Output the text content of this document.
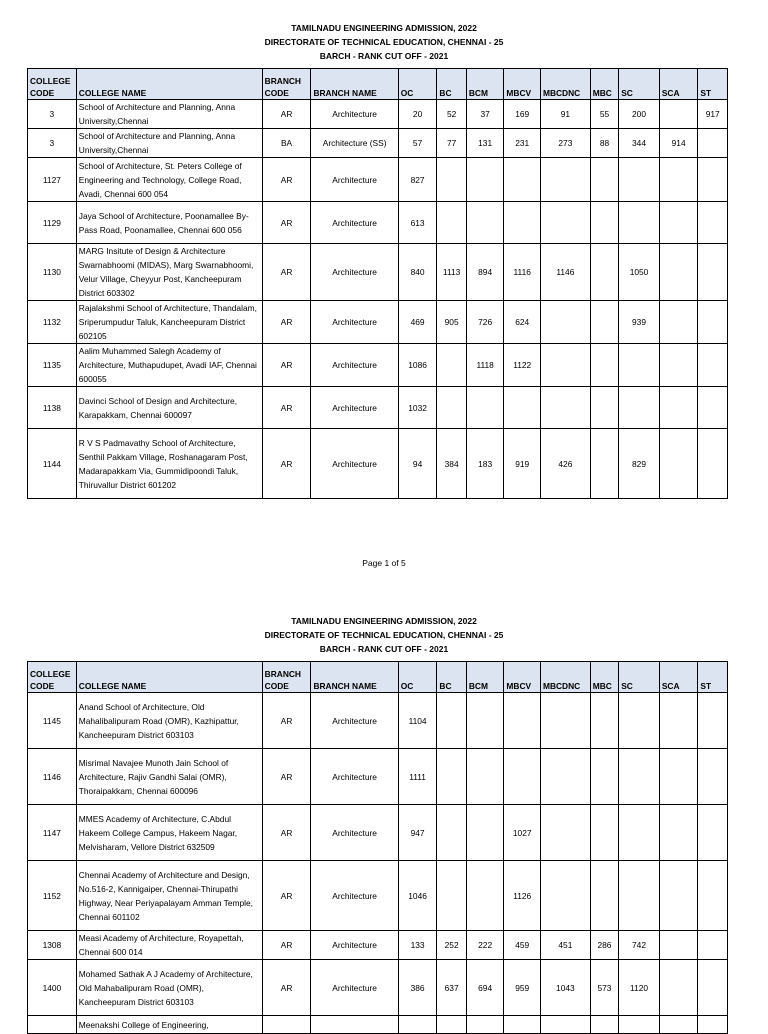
TAMILNADU ENGINEERING ADMISSION, 2022
DIRECTORATE OF TECHNICAL EDUCATION, CHENNAI - 25
BARCH - RANK CUT OFF - 2021
COLLEGE CODE	COLLEGE NAME	BRANCH CODE	BRANCH NAME	OC	BC	BCM	MBCV	MBCDNC	MBC	SC	SCA	ST
3	School of Architecture and Planning, Anna University,Chennai	AR	Architecture	20	52	37	169	91	55	200		917
3	School of Architecture and Planning, Anna University,Chennai	BA	Architecture (SS)	57	77	131	231	273	88	344	914	
1127	School of Architecture, St. Peters College of Engineering and Technology, College Road, Avadi, Chennai 600 054	AR	Architecture	827								
1129	Jaya School of Architecture, Poonamallee By-Pass Road, Poonamallee, Chennai 600 056	AR	Architecture	613								
1130	MARG Insitute of Design & Architecture Swarnabhoomi (MIDAS), Marg Swarnabhoomi, Velur Village, Cheyyur Post, Kancheepuram District 603302	AR	Architecture	840	1113	894	1116	1146		1050		
1132	Rajalakshmi School of Architecture, Thandalam, Sriperumpudur Taluk, Kancheepuram District 602105	AR	Architecture	469	905	726	624			939		
1135	Aalim Muhammed Salegh Academy of Architecture, Muthapudupet, Avadi IAF, Chennai 600055	AR	Architecture	1086		1118	1122					
1138	Davinci School of Design and Architecture, Karapakkam, Chennai 600097	AR	Architecture	1032								
1144	R V S Padmavathy School of Architecture, Senthil Pakkam Village, Roshanagaram Post, Madarapakkam Via, Gummidipoondi Taluk, Thiruvallur District 601202	AR	Architecture	94	384	183	919	426		829		
Page 1 of 5
TAMILNADU ENGINEERING ADMISSION, 2022
DIRECTORATE OF TECHNICAL EDUCATION, CHENNAI - 25
BARCH - RANK CUT OFF - 2021
COLLEGE CODE	COLLEGE NAME	BRANCH CODE	BRANCH NAME	OC	BC	BCM	MBCV	MBCDNC	MBC	SC	SCA	ST
1145	Anand School of Architecture, Old Mahalibalipuram Road (OMR), Kazhipattur, Kancheepuram District 603103	AR	Architecture	1104								
1146	Misrimal Navajee Munoth Jain School of Architecture, Rajiv Gandhi Salai (OMR), Thoraipakkam, Chennai 600096	AR	Architecture	1111								
1147	MMES Academy of Architecture, C.Abdul Hakeem College Campus, Hakeem Nagar, Melvisharam, Vellore District 632509	AR	Architecture	947			1027					
1152	Chennai Academy of Architecture and Design, No.516-2, Kannigaiper, Chennai-Thirupathi Highway, Near Periyapalayam Amman Temple, Chennai 601102	AR	Architecture	1046			1126					
1308	Measi Academy of Architecture, Royapettah, Chennai 600 014	AR	Architecture	133	252	222	459	451	286	742		
1400	Mohamed Sathak A J Academy of Architecture, Old Mahabalipuram Road (OMR), Kancheepuram District 603103	AR	Architecture	386	637	694	959	1043	573	1120		
	Meenakshi College of Engineering,											
